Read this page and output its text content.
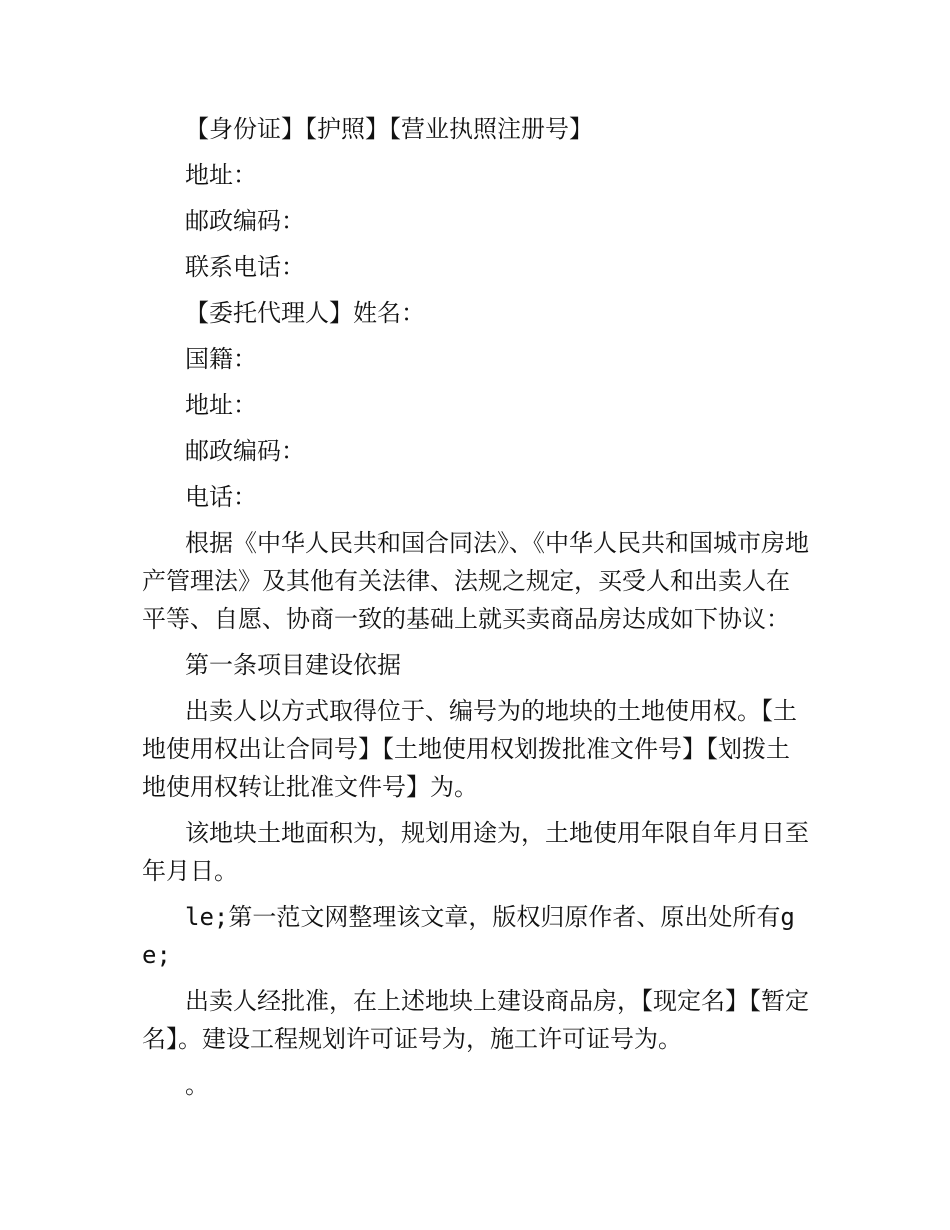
【身份证】【护照】【营业执照注册号】

地址：

邮政编码：

联系电话：

【委托代理人】姓名：

国籍：

地址：

邮政编码：

电话：

根据《中华人民共和国合同法》、《中华人民共和国城市房地产管理法》及其他有关法律、法规之规定，买受人和出卖人在平等、自愿、协商一致的基础上就买卖商品房达成如下协议：

第一条项目建设依据

出卖人以方式取得位于、编号为的地块的土地使用权。【土地使用权出让合同号】【土地使用权划拨批准文件号】【划拨土地使用权转让批准文件号】为。

该地块土地面积为，规划用途为，土地使用年限自年月日至年月日。

le;第一范文网整理该文章，版权归原作者、原出处所有ge;

出卖人经批准，在上述地块上建设商品房，【现定名】【暂定名】。建设工程规划许可证号为，施工许可证号为。

。
